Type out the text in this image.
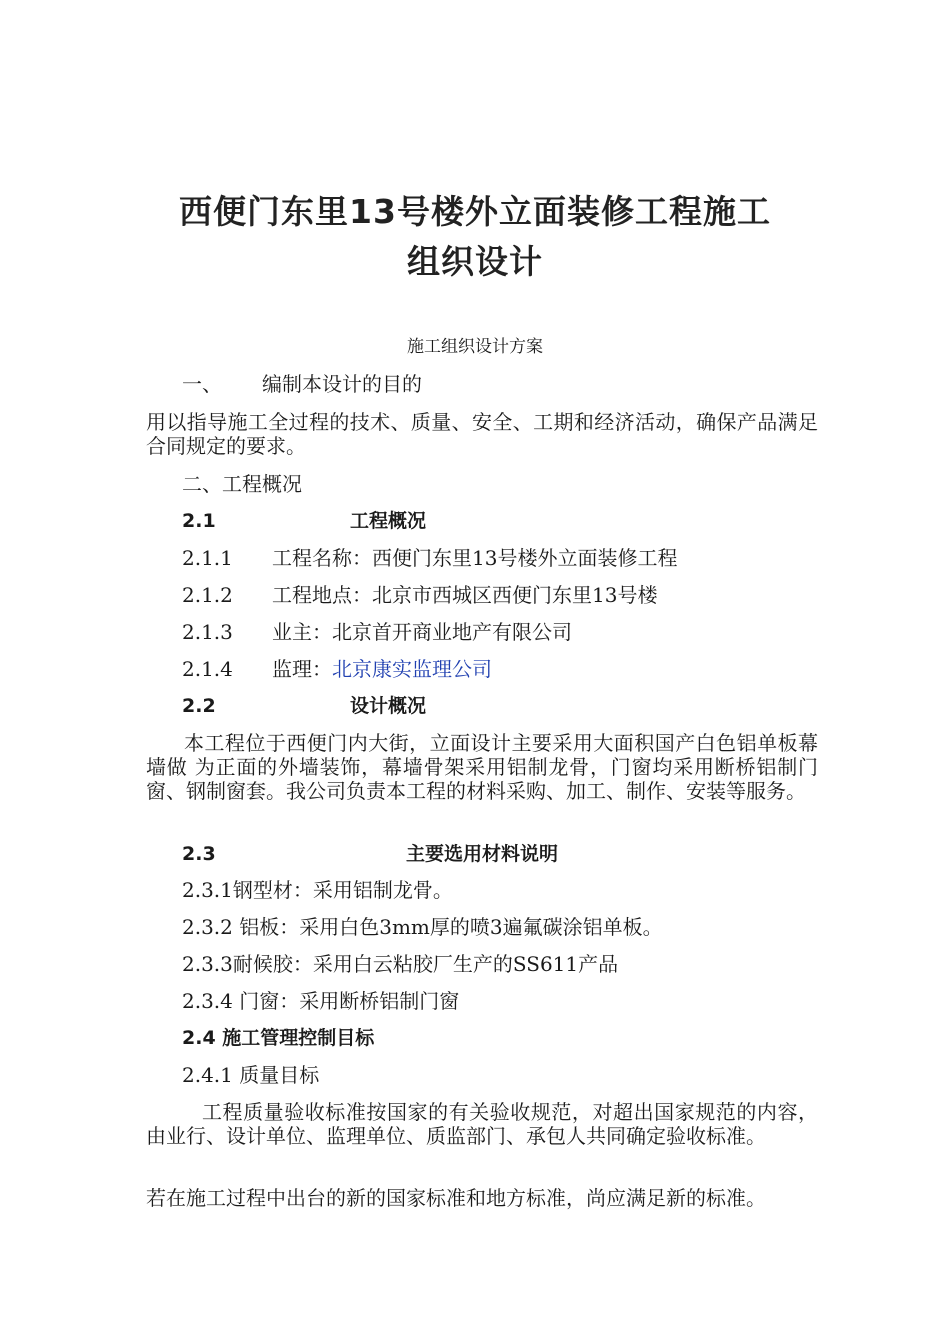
西便门东里13号楼外立面装修工程施工
组织设计
施工组织设计方案
一、 编制本设计的目的
用以指导施工全过程的技术、质量、安全、工期和经济活动，确保产品满足合同规定的要求。
二、工程概况
2.1	工程概况
2.1.1 工程名称：西便门东里13号楼外立面装修工程
2.1.2 工程地点：北京市西城区西便门东里13号楼
2.1.3 业主：北京首开商业地产有限公司
2.1.4 监理：北京康实监理公司
2.2	设计概况
本工程位于西便门内大街，立面设计主要采用大面积国产白色铝单板幕墙做 为正面的外墙装饰，幕墙骨架采用铝制龙骨，门窗均采用断桥铝制门窗、钢制窗套。我公司负责本工程的材料采购、加工、制作、安装等服务。
2.3	主要选用材料说明
2.3.1钢型材：采用铝制龙骨。
2.3.2 铝板：采用白色3mm厚的喷3遍氟碳涂铝单板。
2.3.3耐候胶：采用白云粘胶厂生产的SS611产品
2.3.4 门窗：采用断桥铝制门窗
2.4 施工管理控制目标
2.4.1 质量目标
工程质量验收标准按国家的有关验收规范，对超出国家规范的内容，由业行、设计单位、监理单位、质监部门、承包人共同确定验收标准。
若在施工过程中出台的新的国家标准和地方标准，尚应满足新的标准。
